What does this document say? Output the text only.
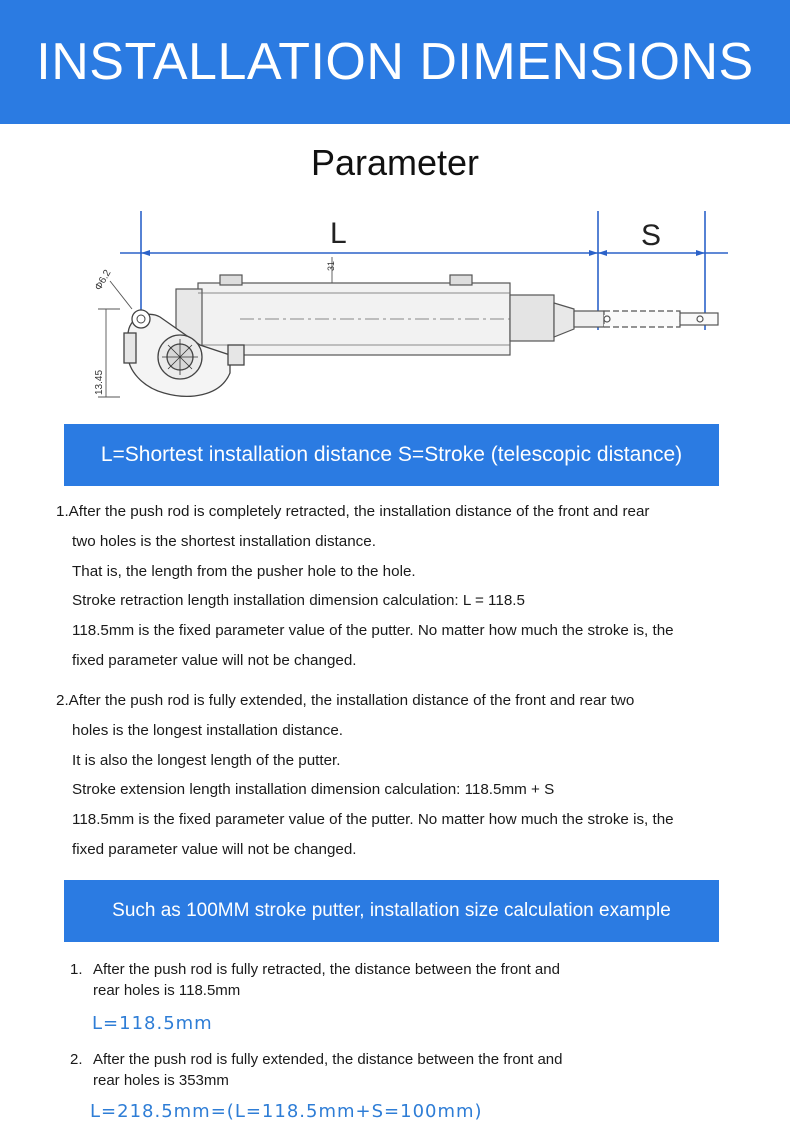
INSTALLATION DIMENSIONS
Parameter
L	S
Φ6.2
13.45
31
L=Shortest installation distance S=Stroke (telescopic distance)
1.After the push rod is completely retracted, the installation distance of the front and rear
two holes is the shortest installation distance.
That is, the length from the pusher hole to the hole.
Stroke retraction length installation dimension calculation: L = 118.5
118.5mm is the fixed parameter value of the putter. No matter how much the stroke is, the
fixed parameter value will not be changed.
2.After the push rod is fully extended, the installation distance of the front and rear two
holes is the longest installation distance.
It is also the longest length of the putter.
Stroke extension length installation dimension calculation: 118.5mm + S
118.5mm is the fixed parameter value of the putter. No matter how much the stroke is, the
fixed parameter value will not be changed.
Such as 100MM stroke putter, installation size calculation example
1. After the push rod is fully retracted, the distance between the front and
rear holes is 118.5mm
L=118.5mm
2. After the push rod is fully extended, the distance between the front and
rear holes is 353mm
L=218.5mm=(L=118.5mm+S=100mm)
